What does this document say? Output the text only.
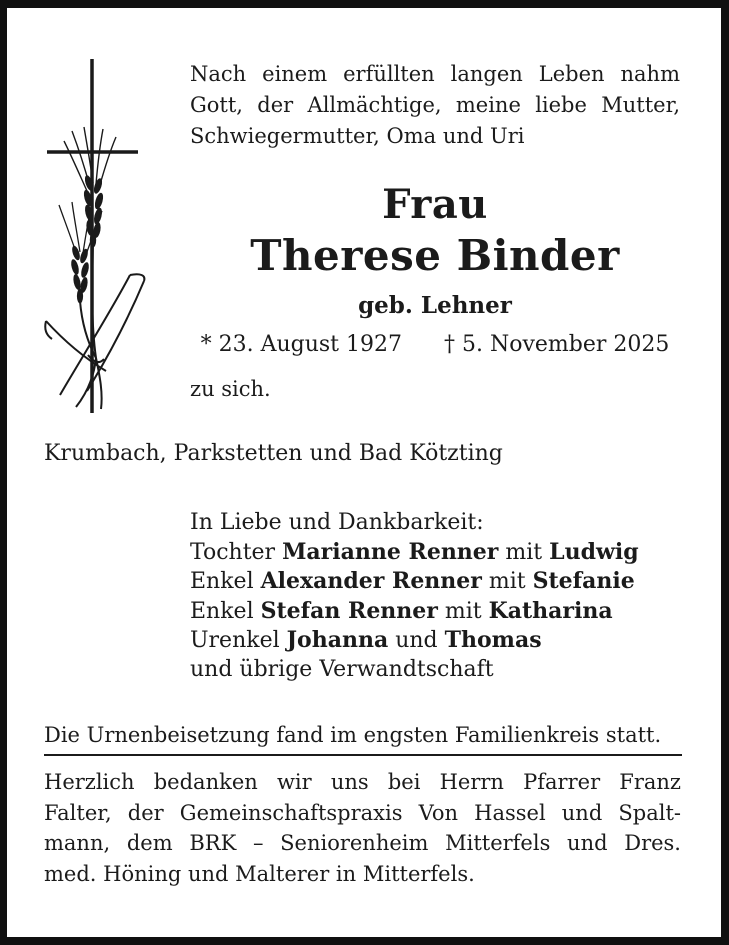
Nach einem erfüllten langen Leben nahm
Gott, der Allmächtige, meine liebe Mutter,
Schwiegermutter, Oma und Uri
Frau
Therese Binder
geb. Lehner
* 23. August 1927 † 5. November 2025
zu sich.
Krumbach, Parkstetten und Bad Kötzting
In Liebe und Dankbarkeit:
Tochter Marianne Renner mit Ludwig
Enkel Alexander Renner mit Stefanie
Enkel Stefan Renner mit Katharina
Urenkel Johanna und Thomas
und übrige Verwandtschaft
Die Urnenbeisetzung fand im engsten Familienkreis statt.
Herzlich bedanken wir uns bei Herrn Pfarrer Franz
Falter, der Gemeinschaftspraxis Von Hassel und Spalt-
mann, dem BRK – Seniorenheim Mitterfels und Dres.
med. Höning und Malterer in Mitterfels.
